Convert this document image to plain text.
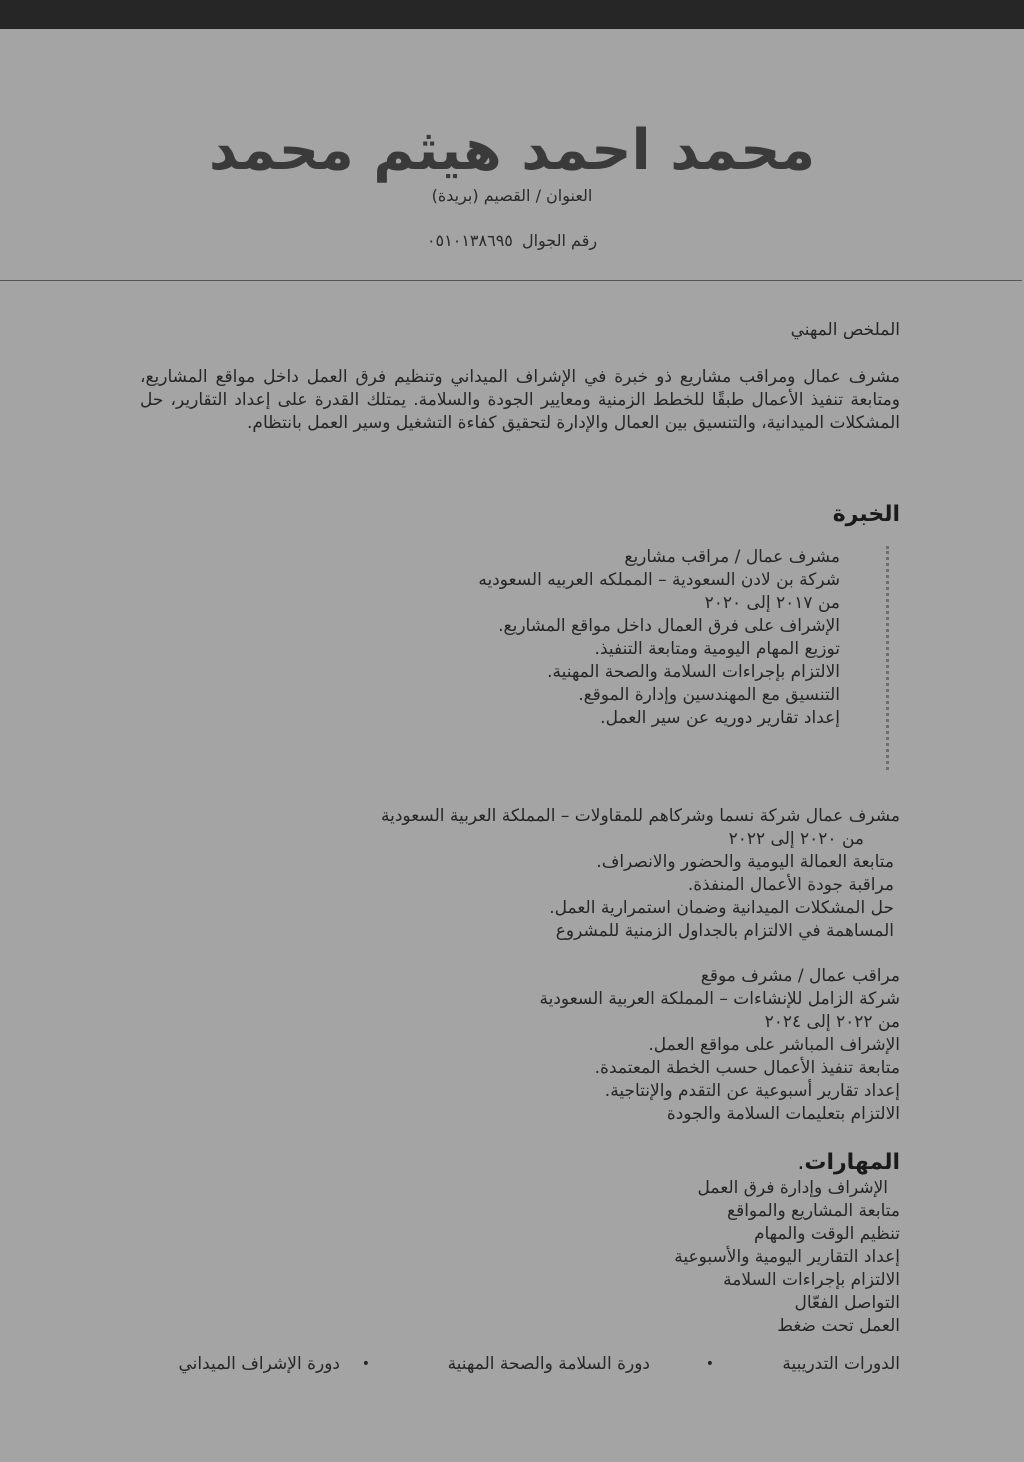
محمد احمد هيثم محمد
العنوان / القصيم (بريدة)
رقم الجوال ٠٥١٠١٣٨٦٩٥
الملخص المهني
مشرف عمال ومراقب مشاريع ذو خبرة في الإشراف الميداني وتنظيم فرق العمل داخل مواقع المشاريع، ومتابعة تنفيذ الأعمال طبقًا للخطط الزمنية ومعايير الجودة والسلامة. يمتلك القدرة على إعداد التقارير، حل المشكلات الميدانية، والتنسيق بين العمال والإدارة لتحقيق كفاءة التشغيل وسير العمل بانتظام.
الخبرة
مشرف عمال / مراقب مشاريع
شركة بن لادن السعودية – المملكه العربيه السعوديه
من ٢٠١٧ إلى ٢٠٢٠
الإشراف على فرق العمال داخل مواقع المشاريع.
توزيع المهام اليومية ومتابعة التنفيذ.
الالتزام بإجراءات السلامة والصحة المهنية.
التنسيق مع المهندسين وإدارة الموقع.
إعداد تقارير دوريه عن سير العمل.
مشرف عمال شركة نسما وشركاهم للمقاولات – المملكة العربية السعودية
من ٢٠٢٠ إلى ٢٠٢٢
متابعة العمالة اليومية والحضور والانصراف.
مراقبة جودة الأعمال المنفذة.
حل المشكلات الميدانية وضمان استمرارية العمل.
المساهمة في الالتزام بالجداول الزمنية للمشروع
مراقب عمال / مشرف موقع
شركة الزامل للإنشاءات – المملكة العربية السعودية
من ٢٠٢٢ إلى ٢٠٢٤
الإشراف المباشر على مواقع العمل.
متابعة تنفيذ الأعمال حسب الخطة المعتمدة.
إعداد تقارير أسبوعية عن التقدم والإنتاجية.
الالتزام بتعليمات السلامة والجودة
المهارات.
الإشراف وإدارة فرق العمل
متابعة المشاريع والمواقع
تنظيم الوقت والمهام
إعداد التقارير اليومية والأسبوعية
الالتزام بإجراءات السلامة
التواصل الفعّال
العمل تحت ضغط
الدورات التدريبية
•
دورة السلامة والصحة المهنية
•
دورة الإشراف الميداني
